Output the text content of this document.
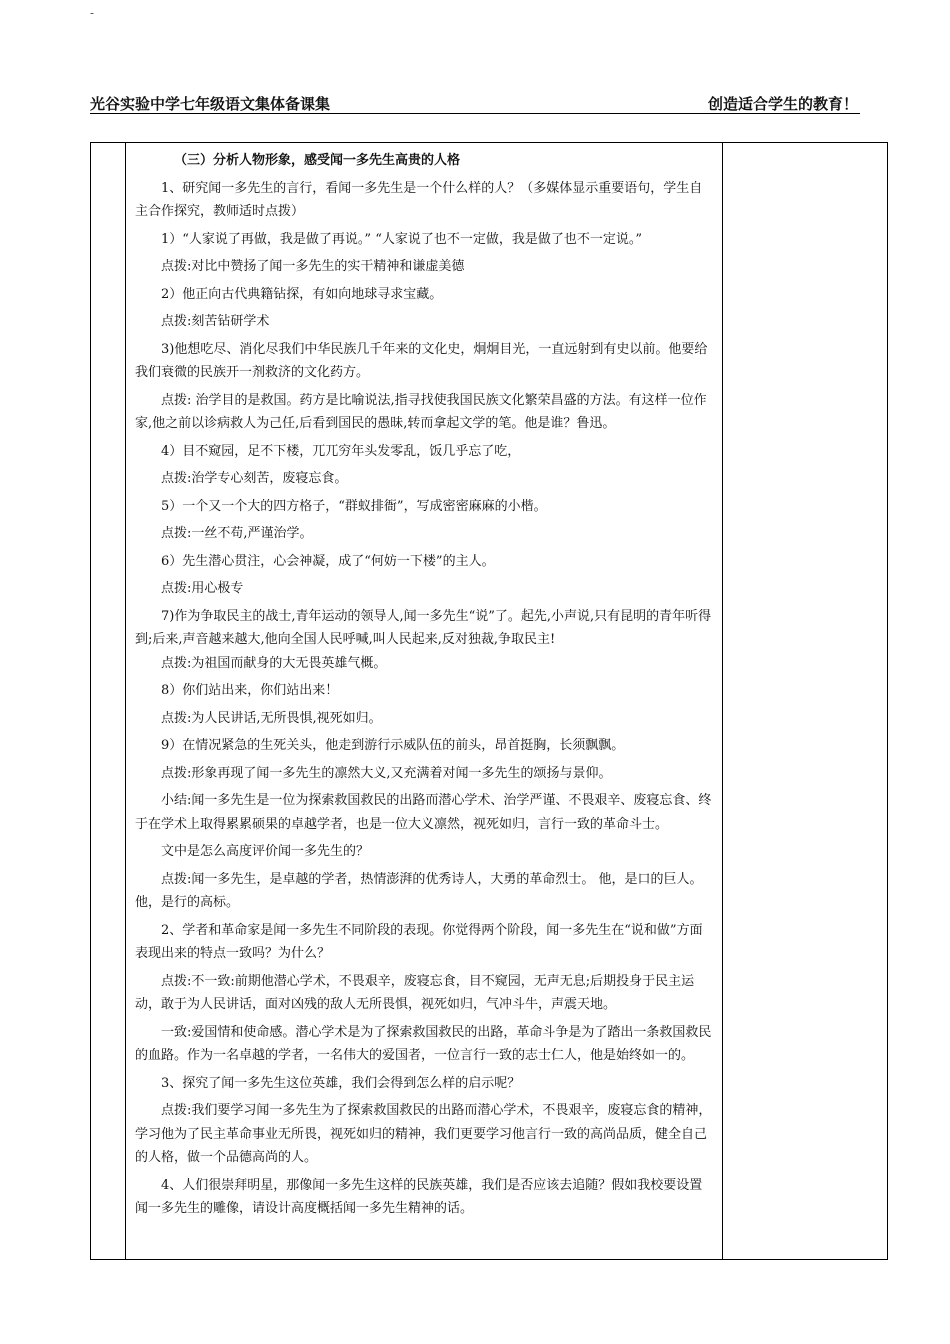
-
光谷实验中学七年级语文集体备课集	创造适合学生的教育！

（三）分析人物形象，感受闻一多先生高贵的人格

1、研究闻一多先生的言行，看闻一多先生是一个什么样的人？（多媒体显示重要语句，学生自主合作探究，教师适时点拨）

1）“人家说了再做，我是做了再说。” “人家说了也不一定做，我是做了也不一定说。”

点拨:对比中赞扬了闻一多先生的实干精神和谦虚美德

2）他正向古代典籍钻探，有如向地球寻求宝藏。

点拨:刻苦钻研学术

3)他想吃尽、消化尽我们中华民族几千年来的文化史，炯炯目光，一直远射到有史以前。他要给我们衰微的民族开一剂救济的文化药方。

点拨: 治学目的是救国。药方是比喻说法,指寻找使我国民族文化繁荣昌盛的方法。有这样一位作家,他之前以诊病救人为己任,后看到国民的愚昧,转而拿起文学的笔。他是谁？鲁迅。

4）目不窥园，足不下楼，兀兀穷年头发零乱，饭几乎忘了吃，

点拨:治学专心刻苦，废寝忘食。

5）一个又一个大的四方格子，“群蚁排衙”，写成密密麻麻的小楷。

点拨:一丝不苟,严谨治学。

6）先生潜心贯注，心会神凝，成了“何妨一下楼”的主人。

点拨:用心极专

7)作为争取民主的战士,青年运动的领导人,闻一多先生“说”了。起先,小声说,只有昆明的青年听得到;后来,声音越来越大,他向全国人民呼喊,叫人民起来,反对独裁,争取民主!

点拨:为祖国而献身的大无畏英雄气概。

8）你们站出来，你们站出来！

点拨:为人民讲话,无所畏惧,视死如归。

9）在情况紧急的生死关头，他走到游行示威队伍的前头，昂首挺胸，长须飘飘。

点拨:形象再现了闻一多先生的凛然大义,又充满着对闻一多先生的颂扬与景仰。

小结:闻一多先生是一位为探索救国救民的出路而潜心学术、治学严谨、不畏艰辛、废寝忘食、终于在学术上取得累累硕果的卓越学者，也是一位大义凛然，视死如归，言行一致的革命斗士。

文中是怎么高度评价闻一多先生的？

点拨:闻一多先生，是卓越的学者，热情澎湃的优秀诗人，大勇的革命烈士。 他，是口的巨人。他，是行的高标。

2、学者和革命家是闻一多先生不同阶段的表现。你觉得两个阶段，闻一多先生在“说和做”方面表现出来的特点一致吗？为什么？

点拨:不一致:前期他潜心学术，不畏艰辛，废寝忘食，目不窥园，无声无息;后期投身于民主运动，敢于为人民讲话，面对凶残的敌人无所畏惧，视死如归，气冲斗牛，声震天地。

一致:爱国情和使命感。潜心学术是为了探索救国救民的出路，革命斗争是为了踏出一条救国救民的血路。作为一名卓越的学者，一名伟大的爱国者，一位言行一致的志士仁人，他是始终如一的。

3、探究了闻一多先生这位英雄，我们会得到怎么样的启示呢？

点拨:我们要学习闻一多先生为了探索救国救民的出路而潜心学术，不畏艰辛，废寝忘食的精神，学习他为了民主革命事业无所畏，视死如归的精神，我们更要学习他言行一致的高尚品质，健全自己的人格，做一个品德高尚的人。

4、人们很崇拜明星，那像闻一多先生这样的民族英雄，我们是否应该去追随？假如我校要设置闻一多先生的雕像，请设计高度概括闻一多先生精神的话。
